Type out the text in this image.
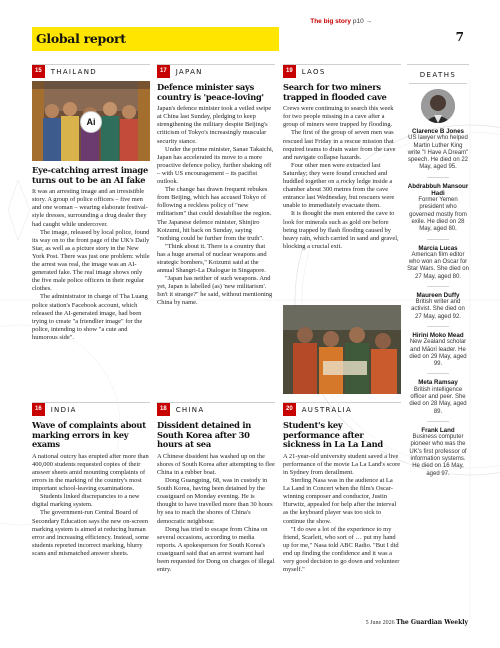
The big story p10 →
Global report	7
15	THAILAND
Ai
Eye-catching arrest image turns out to be an AI fake

It was an arresting image and an irresistible story. A group of police officers – five men and one woman – wearing elaborate festival-style dresses, surrounding a drug dealer they had caught while undercover.

The image, released by local police, found its way on to the front page of the UK's Daily Star, as well as a picture story in the New York Post. There was just one problem: while the arrest was real, the image was an AI-generated fake. The real image shows only the five male police officers in their regular clothes.

The administrator in charge of Tha Luang police station's Facebook account, which released the AI-generated image, had been trying to create "a friendlier image" for the police, intending to show "a cute and humorous side".

17	JAPAN
Defence minister says country is 'peace-loving'

Japan's defence minister took a veiled swipe at China last Sunday, pledging to keep strengthening the military despite Beijing's criticism of Tokyo's increasingly muscular security stance.

Under the prime minister, Sanae Takaichi, Japan has accelerated its move to a more proactive defence policy, further shaking off – with US encouragement – its pacifist outlook.

The change has drawn frequent rebukes from Beijing, which has accused Tokyo of following a reckless policy of "new militarism" that could destabilise the region. The Japanese defence minister, Shinjiro Koizumi, hit back on Sunday, saying "nothing could be further from the truth".

"Think about it. There is a country that has a huge arsenal of nuclear weapons and strategic bombers," Koizumi said at the annual Shangri-La Dialogue in Singapore.

"Japan has neither of such weapons. And yet, Japan is labelled (as) 'new militarism'. Isn't it strange?" he said, without mentioning China by name.

19	LAOS
Search for two miners trapped in flooded cave

Crews were continuing to search this week for two people missing in a cave after a group of miners were trapped by flooding.

The first of the group of seven men was rescued last Friday in a rescue mission that required teams to drain water from the cave and navigate collapse hazards.

Four other men were extracted last Saturday; they were found crouched and huddled together on a rocky ledge inside a chamber about 300 metres from the cave entrance last Wednesday, but rescuers were unable to immediately evacuate them.

It is thought the men entered the cave to look for minerals such as gold ore before being trapped by flash flooding caused by heavy rain, which carried in sand and gravel, blocking a crucial exit.

16	INDIA
Wave of complaints about marking errors in key exams

A national outcry has erupted after more than 400,000 students requested copies of their answer sheets amid mounting complaints of errors in the marking of the country's most important school-leaving examinations.

Students linked discrepancies to a new digital marking system.

The government-run Central Board of Secondary Education says the new on-screen marking system is aimed at reducing human error and increasing efficiency. Instead, some students reported incorrect marking, blurry scans and mismatched answer sheets.

18	CHINA
Dissident detained in South Korea after 30 hours at sea

A Chinese dissident has washed up on the shores of South Korea after attempting to flee China in a rubber boat.

Dong Guangping, 68, was in custody in South Korea, having been detained by the coastguard on Monday evening. He is thought to have travelled more than 30 hours by sea to reach the shores of China's democratic neighbour.

Dong has tried to escape from China on several occasions, according to media reports. A spokesperson for South Korea's coastguard said that an arrest warrant had been requested for Dong on charges of illegal entry.

20	AUSTRALIA
Student's key performance after sickness in La La Land

A 21-year-old university student saved a live performance of the movie La La Land's score in Sydney from derailment.

Sterling Nasa was in the audience at La La Land in Concert when the film's Oscar-winning composer and conductor, Justin Hurwitz, appealed for help after the interval as the keyboard player was too sick to continue the show.

"I do owe a lot of the experience to my friend, Scarlett, who sort of … put my hand up for me," Nasa told ABC Radio. "But I did end up finding the confidence and it was a very good decision to go down and volunteer myself."

DEATHS
Clarence B Jones
US lawyer who helped Martin Luther King write "I Have A Dream" speech. He died on 22 May, aged 95.
Abdrabbuh Mansour Hadi
Former Yemen president who governed mostly from exile. He died on 28 May, aged 80.
Marcia Lucas
American film editor who won an Oscar for Star Wars. She died on 27 May, aged 80.
Maureen Duffy
British writer and activist. She died on 27 May, aged 92.
Hirini Moko Mead
New Zealand scholar and Māori leader. He died on 29 May, aged 99.
Meta Ramsay
British intelligence officer and peer. She died on 28 May, aged 89.
Frank Land
Business computer pioneer who was the UK's first professor of information systems. He died on 16 May, aged 97.
5 June 2026 The Guardian Weekly
